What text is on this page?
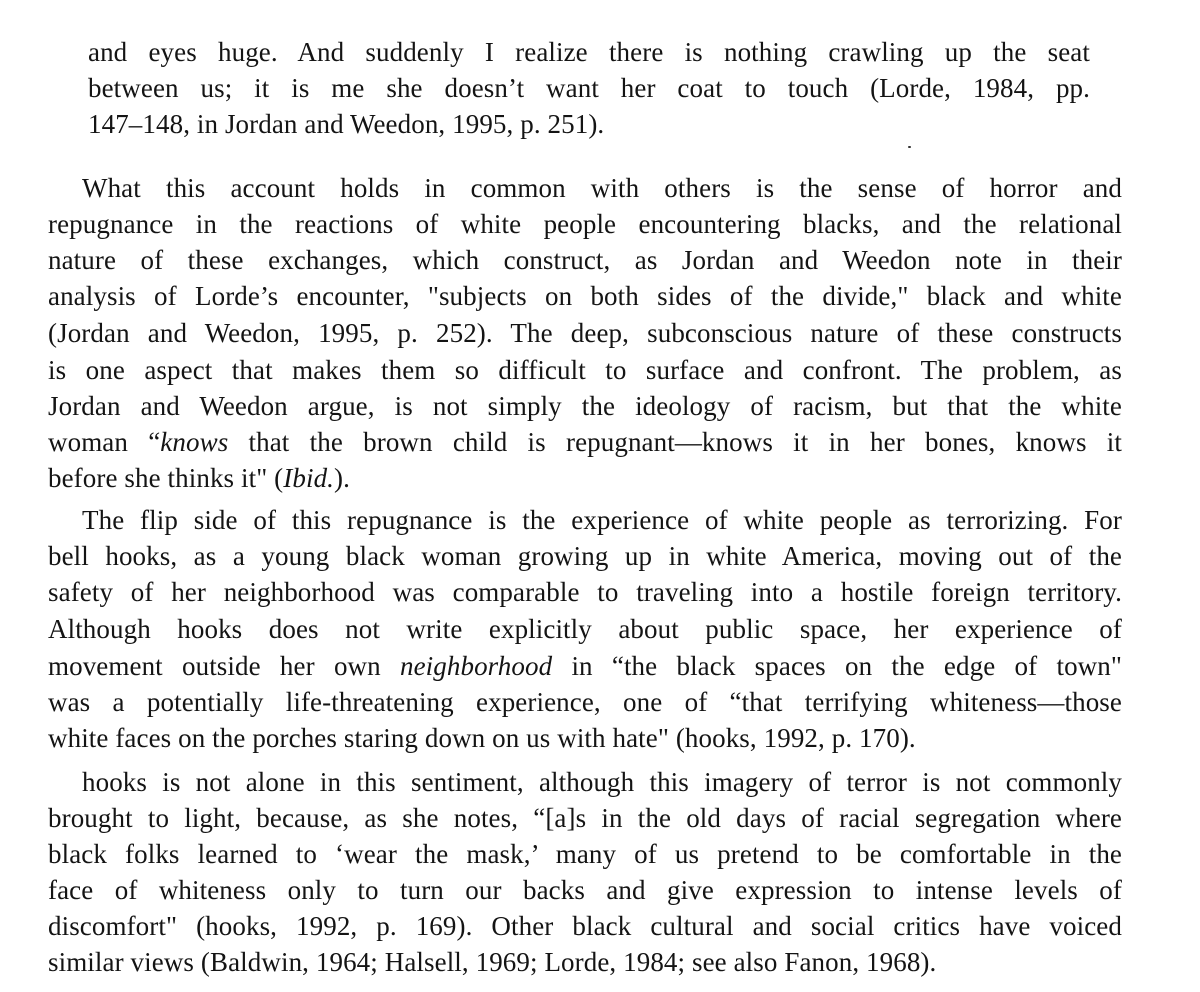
and eyes huge. And suddenly I realize there is nothing crawling up the seat
between us; it is me she doesn’t want her coat to touch (Lorde, 1984, pp.
147–148, in Jordan and Weedon, 1995, p. 251).
What this account holds in common with others is the sense of horror and
repugnance in the reactions of white people encountering blacks, and the relational
nature of these exchanges, which construct, as Jordan and Weedon note in their
analysis of Lorde’s encounter, "subjects on both sides of the divide," black and white
(Jordan and Weedon, 1995, p. 252). The deep, subconscious nature of these constructs
is one aspect that makes them so difficult to surface and confront. The problem, as
Jordan and Weedon argue, is not simply the ideology of racism, but that the white
woman “knows that the brown child is repugnant—knows it in her bones, knows it
before she thinks it" (Ibid.).
The flip side of this repugnance is the experience of white people as terrorizing. For
bell hooks, as a young black woman growing up in white America, moving out of the
safety of her neighborhood was comparable to traveling into a hostile foreign territory.
Although hooks does not write explicitly about public space, her experience of
movement outside her own neighborhood in “the black spaces on the edge of town"
was a potentially life-threatening experience, one of “that terrifying whiteness—those
white faces on the porches staring down on us with hate" (hooks, 1992, p. 170).
hooks is not alone in this sentiment, although this imagery of terror is not commonly
brought to light, because, as she notes, “[a]s in the old days of racial segregation where
black folks learned to ‘wear the mask,’ many of us pretend to be comfortable in the
face of whiteness only to turn our backs and give expression to intense levels of
discomfort" (hooks, 1992, p. 169). Other black cultural and social critics have voiced
similar views (Baldwin, 1964; Halsell, 1969; Lorde, 1984; see also Fanon, 1968).
